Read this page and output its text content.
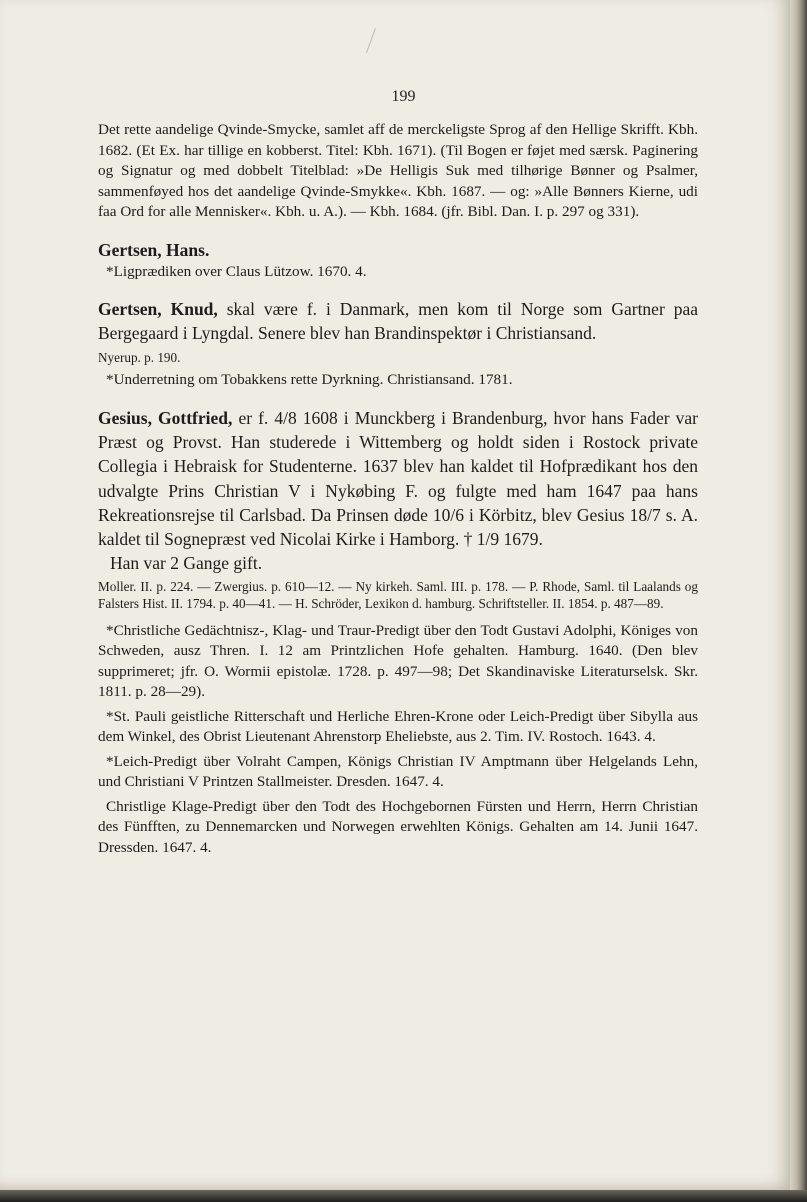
199

Det rette aandelige Qvinde-Smycke, samlet aff de merckeligste Sprog af den Hellige Skrifft. Kbh. 1682. (Et Ex. har tillige en kobberst. Titel: Kbh. 1671). (Til Bogen er føjet med særsk. Paginering og Signatur og med dobbelt Titelblad: »De Helligis Suk med tilhørige Bønner og Psalmer, sammenføyed hos det aandelige Qvinde-Smykke«. Kbh. 1687. — og: »Alle Bønners Kierne, udi faa Ord for alle Mennisker«. Kbh. u. A.). — Kbh. 1684. (jfr. Bibl. Dan. I. p. 297 og 331).

Gertsen, Hans.

*Ligprædiken over Claus Lützow. 1670. 4.

Gertsen, Knud, skal være f. i Danmark, men kom til Norge som Gartner paa Bergegaard i Lyngdal. Senere blev han Brandinspektør i Christiansand.

Nyerup. p. 190.

*Underretning om Tobakkens rette Dyrkning. Christiansand. 1781.

Gesius, Gottfried, er f. 4/8 1608 i Munckberg i Brandenburg, hvor hans Fader var Præst og Provst. Han studerede i Wittemberg og holdt siden i Rostock private Collegia i Hebraisk for Studenterne. 1637 blev han kaldet til Hofprædikant hos den udvalgte Prins Christian V i Nykøbing F. og fulgte med ham 1647 paa hans Rekreationsrejse til Carlsbad. Da Prinsen døde 10/6 i Körbitz, blev Gesius 18/7 s. A. kaldet til Sognepræst ved Nicolai Kirke i Hamborg. † 1/9 1679.

Han var 2 Gange gift.

Moller. II. p. 224. — Zwergius. p. 610—12. — Ny kirkeh. Saml. III. p. 178. — P. Rhode, Saml. til Laalands og Falsters Hist. II. 1794. p. 40—41. — H. Schröder, Lexikon d. hamburg. Schriftsteller. II. 1854. p. 487—89.

*Christliche Gedächtnisz-, Klag- und Traur-Predigt über den Todt Gustavi Adolphi, Königes von Schweden, ausz Thren. I. 12 am Printzlichen Hofe gehalten. Hamburg. 1640. (Den blev supprimeret; jfr. O. Wormii epistolæ. 1728. p. 497—98; Det Skandinaviske Literaturselsk. Skr. 1811. p. 28—29).

*St. Pauli geistliche Ritterschaft und Herliche Ehren-Krone oder Leich-Predigt über Sibylla aus dem Winkel, des Obrist Lieutenant Ahrenstorp Eheliebste, aus 2. Tim. IV. Rostoch. 1643. 4.

*Leich-Predigt über Volraht Campen, Königs Christian IV Amptmann über Helgelands Lehn, und Christiani V Printzen Stallmeister. Dresden. 1647. 4.

Christlige Klage-Predigt über den Todt des Hochgebornen Fürsten und Herrn, Herrn Christian des Fünfften, zu Dennemarcken und Norwegen erwehlten Königs. Gehalten am 14. Junii 1647. Dressden. 1647. 4.
